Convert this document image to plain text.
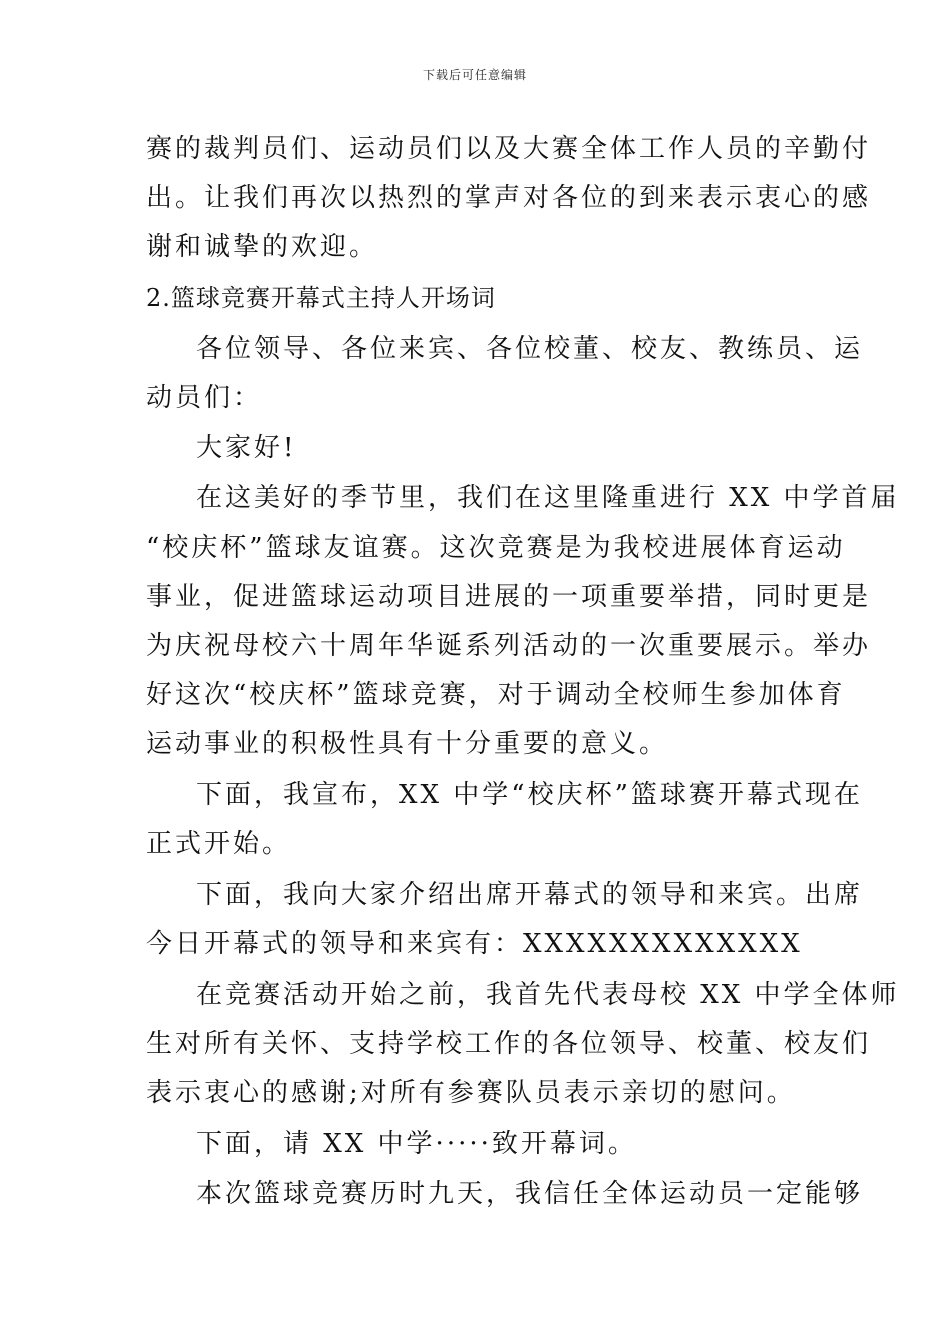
下载后可任意编辑
赛的裁判员们、运动员们以及大赛全体工作人员的辛勤付
出。让我们再次以热烈的掌声对各位的到来表示衷心的感
谢和诚挚的欢迎。
2.篮球竞赛开幕式主持人开场词
各位领导、各位来宾、各位校董、校友、教练员、运
动员们：
大家好!
在这美好的季节里，我们在这里隆重进行 XX 中学首届
“校庆杯”篮球友谊赛。这次竞赛是为我校进展体育运动
事业，促进篮球运动项目进展的一项重要举措，同时更是
为庆祝母校六十周年华诞系列活动的一次重要展示。举办
好这次“校庆杯”篮球竞赛，对于调动全校师生参加体育
运动事业的积极性具有十分重要的意义。
下面，我宣布，XX 中学“校庆杯”篮球赛开幕式现在
正式开始。
下面，我向大家介绍出席开幕式的领导和来宾。出席
今日开幕式的领导和来宾有：XXXXXXXXXXXXX
在竞赛活动开始之前，我首先代表母校 XX 中学全体师
生对所有关怀、支持学校工作的各位领导、校董、校友们
表示衷心的感谢;对所有参赛队员表示亲切的慰问。
下面，请 XX 中学·····致开幕词。
本次篮球竞赛历时九天，我信任全体运动员一定能够
